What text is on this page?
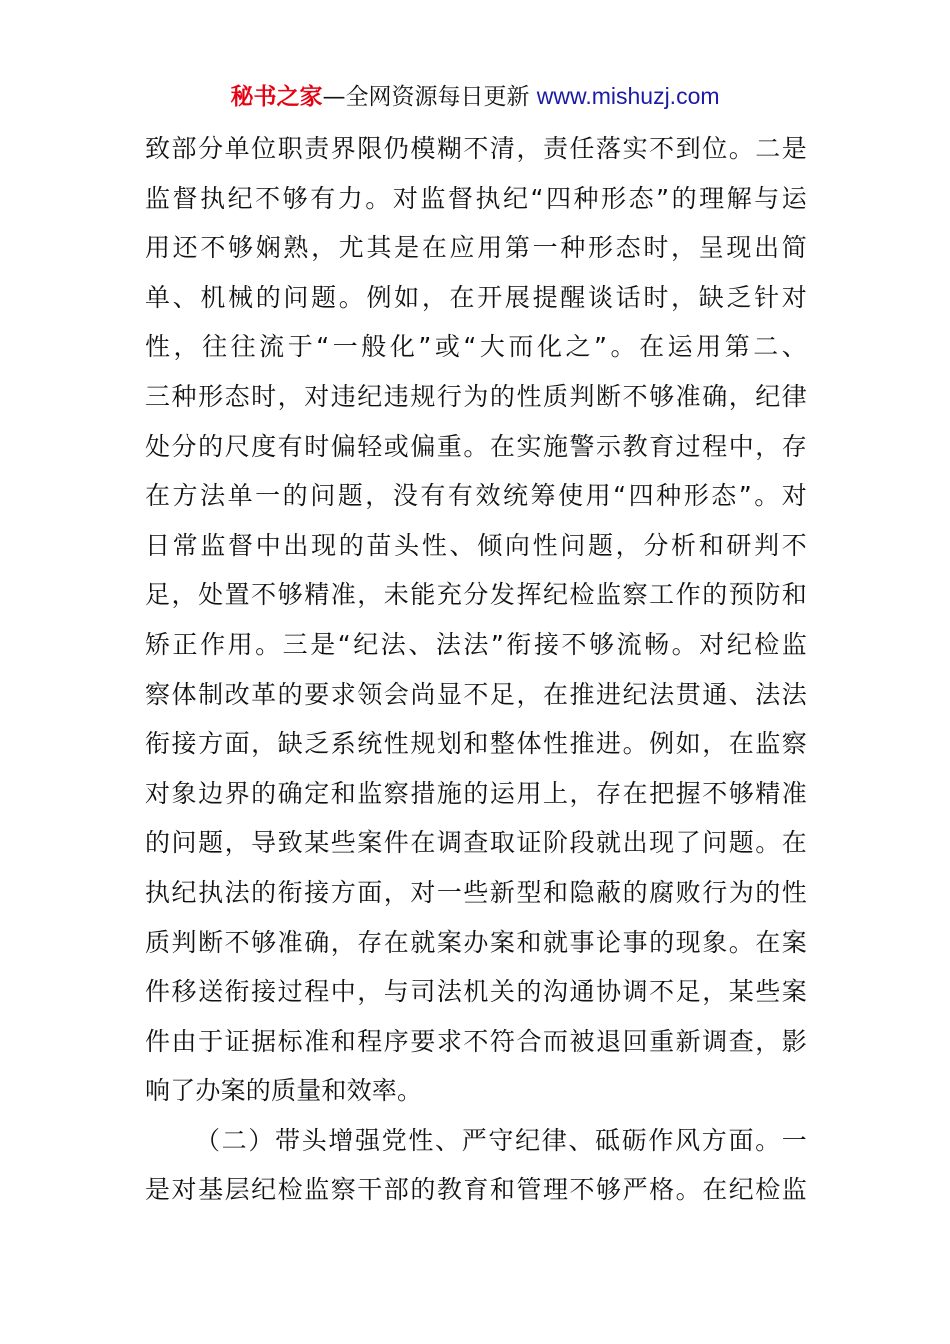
秘书之家—全网资源每日更新 www.mishuzj.com
致部分单位职责界限仍模糊不清，责任落实不到位。二是
监督执纪不够有力。对监督执纪“四种形态”的理解与运
用还不够娴熟，尤其是在应用第一种形态时，呈现出简
单、机械的问题。例如，在开展提醒谈话时，缺乏针对
性，往往流于“一般化”或“大而化之”。在运用第二、
三种形态时，对违纪违规行为的性质判断不够准确，纪律
处分的尺度有时偏轻或偏重。在实施警示教育过程中，存
在方法单一的问题，没有有效统筹使用“四种形态”。对
日常监督中出现的苗头性、倾向性问题，分析和研判不
足，处置不够精准，未能充分发挥纪检监察工作的预防和
矫正作用。三是“纪法、法法”衔接不够流畅。对纪检监
察体制改革的要求领会尚显不足，在推进纪法贯通、法法
衔接方面，缺乏系统性规划和整体性推进。例如，在监察
对象边界的确定和监察措施的运用上，存在把握不够精准
的问题，导致某些案件在调查取证阶段就出现了问题。在
执纪执法的衔接方面，对一些新型和隐蔽的腐败行为的性
质判断不够准确，存在就案办案和就事论事的现象。在案
件移送衔接过程中，与司法机关的沟通协调不足，某些案
件由于证据标准和程序要求不符合而被退回重新调查，影
响了办案的质量和效率。
（二）带头增强党性、严守纪律、砥砺作风方面。一
是对基层纪检监察干部的教育和管理不够严格。在纪检监
